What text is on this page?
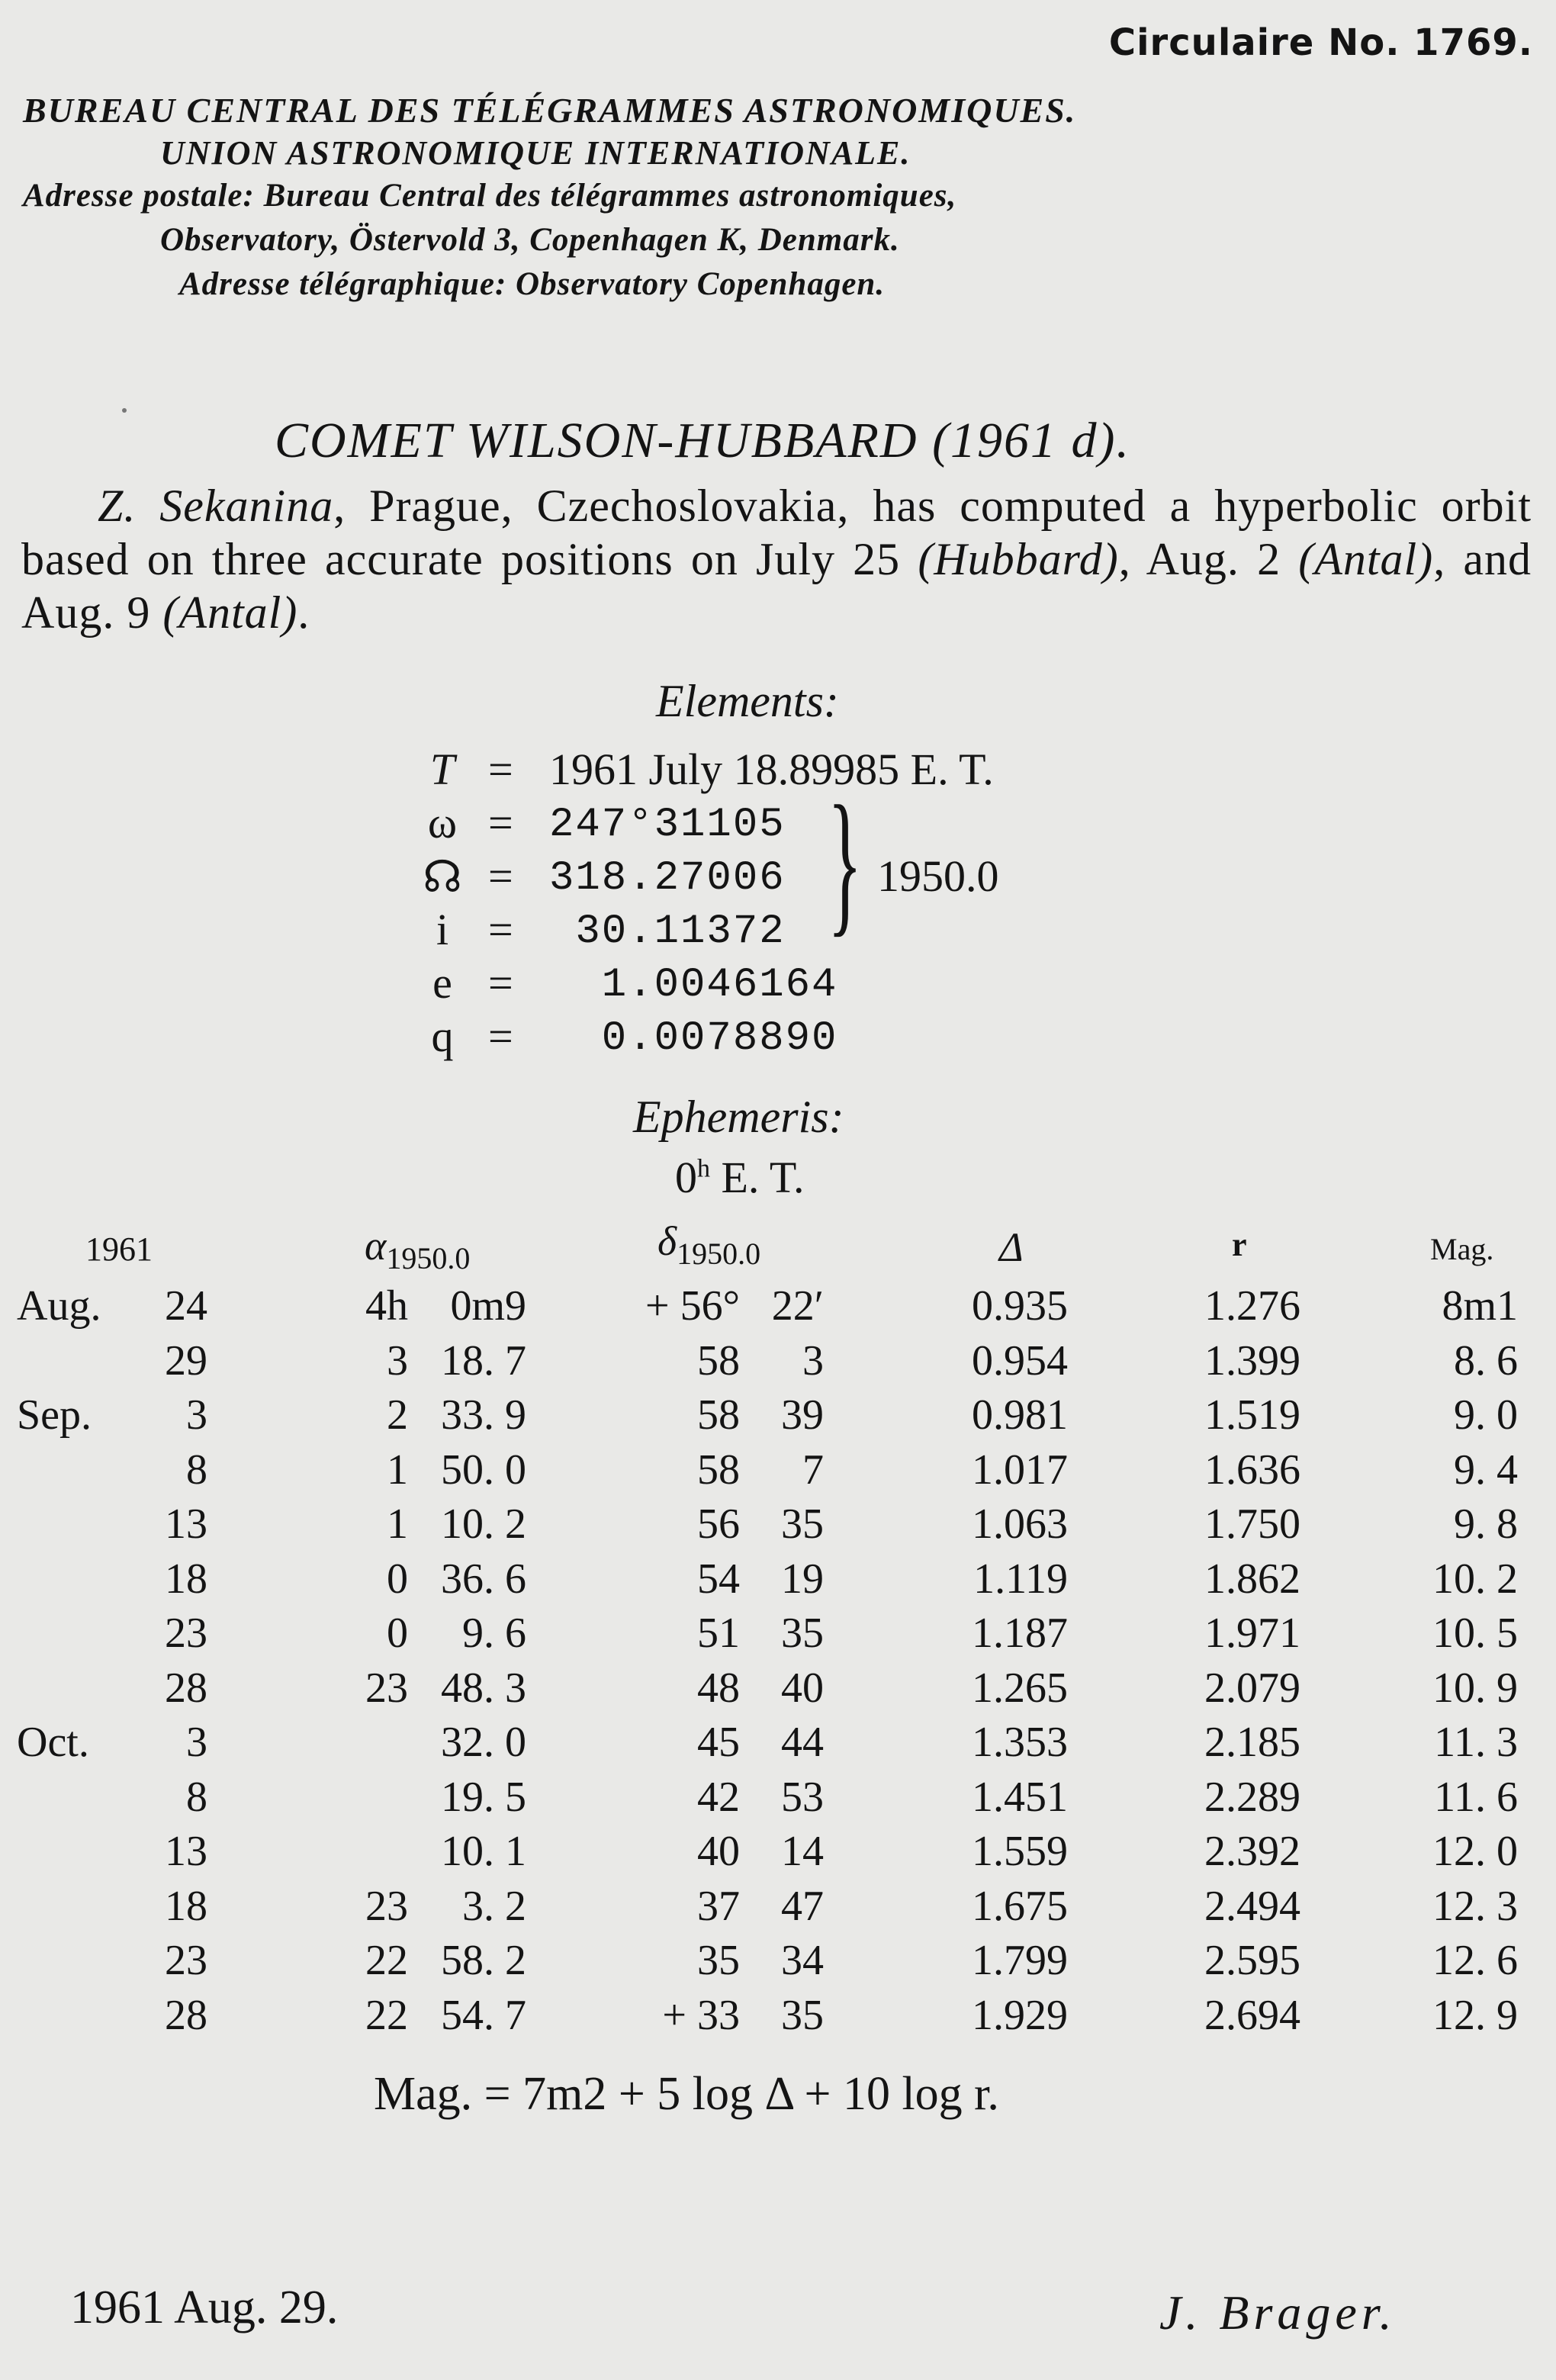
Circulaire No. 1769.
BUREAU CENTRAL DES TÉLÉGRAMMES ASTRONOMIQUES.
UNION ASTRONOMIQUE INTERNATIONALE.
Adresse postale: Bureau Central des télégrammes astronomiques,
Observatory, Östervold 3, Copenhagen K, Denmark.
Adresse télégraphique: Observatory Copenhagen.
COMET WILSON-HUBBARD (1961 d).
Z. Sekanina, Prague, Czechoslovakia, has computed a hyperbolic orbit based on three accurate positions on July 25 (Hubbard), Aug. 2 (Antal), and Aug. 9 (Antal).
Elements:
T = 1961 July 18.89985 E. T.
ω = 247°31105
☊ = 318.27006
i = 30.11372
e = 1.0046164
q = 0.0078890
} 1950.0
Ephemeris:
0$^h$ E. T.
1961	$\alpha_{1950.0}$	$\delta_{1950.0}$	Δ	r	Mag.
Aug. 24	4h 0m9	+ 56° 22′	0.935	1.276	8m1
29	3 18. 7	58 3	0.954	1.399	8. 6
Sep. 3	2 33. 9	58 39	0.981	1.519	9. 0
8	1 50. 0	58 7	1.017	1.636	9. 4
13	1 10. 2	56 35	1.063	1.750	9. 8
18	0 36. 6	54 19	1.119	1.862	10. 2
23	0 9. 6	51 35	1.187	1.971	10. 5
28	23 48. 3	48 40	1.265	2.079	10. 9
Oct. 3	32. 0	45 44	1.353	2.185	11. 3
8	19. 5	42 53	1.451	2.289	11. 6
13	10. 1	40 14	1.559	2.392	12. 0
18	23 3. 2	37 47	1.675	2.494	12. 3
23	22 58. 2	35 34	1.799	2.595	12. 6
28	22 54. 7	+ 33 35	1.929	2.694	12. 9
Mag. = 7m2 + 5 log Δ + 10 log r.
1961 Aug. 29.	J. Brager.
